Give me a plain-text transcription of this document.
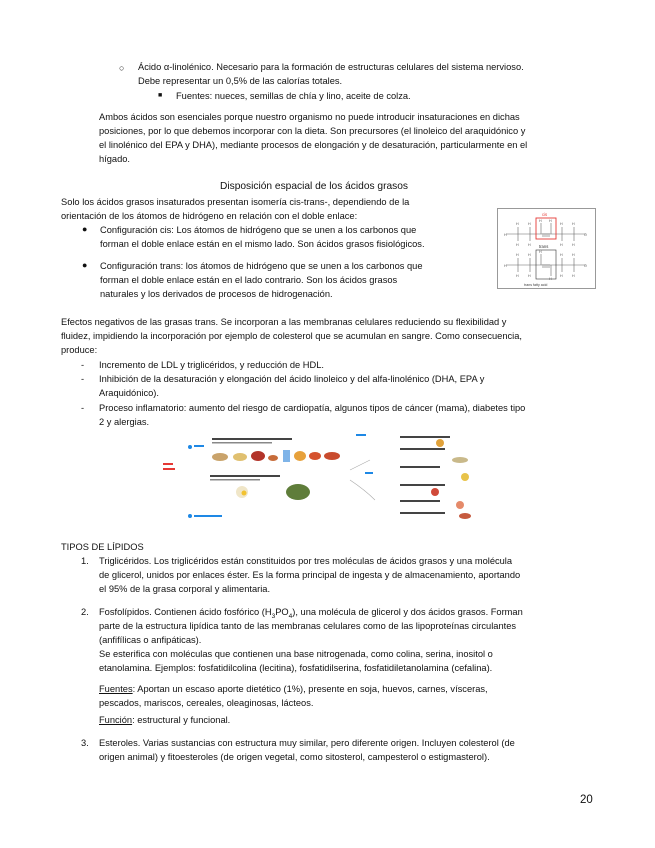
○ Ácido α-linolénico. Necesario para la formación de estructuras celulares del sistema nervioso.
Debe representar un 0,5% de las calorías totales.
■ Fuentes: nueces, semillas de chía y lino, aceite de colza.
Ambos ácidos son esenciales porque nuestro organismo no puede introducir insaturaciones en dichas
posiciones, por lo que debemos incorporar con la dieta. Son precursores (el linoleico del araquidónico y
el linolénico del EPA y DHA), mediante procesos de elongación y de desaturación, particularmente en el
hígado.
Disposición espacial de los ácidos grasos
Solo los ácidos grasos insaturados presentan isomería cis-trans-, dependiendo de la
orientación de los átomos de hidrógeno en relación con el doble enlace:
● Configuración cis: Los átomos de hidrógeno que se unen a los carbonos que
forman el doble enlace están en el mismo lado. Son ácidos grasos fisiológicos.
● Configuración trans: los átomos de hidrógeno que se unen a los carbonos que
forman el doble enlace están en el lado contrario. Son los ácidos grasos
naturales y los derivados de procesos de hidrogenación.
cis
H
H
H
H
H
H H
H
H
H
H
O
trans
H
H
H
H
H
H
H
H
H
H
H
O
trans fatty acid
Efectos negativos de las grasas trans. Se incorporan a las membranas celulares reduciendo su flexibilidad y
fluidez, impidiendo la incorporación por ejemplo de colesterol que se acumulan en sangre. Como consecuencia,
produce:
- Incremento de LDL y triglicéridos, y reducción de HDL.
- Inhibición de la desaturación y elongación del ácido linoleico y del alfa-linolénico (DHA, EPA y
Araquidónico).
- Proceso inflamatorio: aumento del riesgo de cardiopatía, algunos tipos de cáncer (mama), diabetes tipo
2 y alergias.
TIPOS DE LÍPIDOS
1. Triglicéridos. Los triglicéridos están constituidos por tres moléculas de ácidos grasos y una molécula
de glicerol, unidos por enlaces éster. Es la forma principal de ingesta y de almacenamiento, aportando
el 95% de la grasa corporal y alimentaria.
2. Fosfolípidos. Contienen ácido fosfórico $(H_3PO_4)$, una molécula de glicerol y dos ácidos grasos. Forman
parte de la estructura lipídica tanto de las membranas celulares como de las lipoproteínas circulantes
(anfifílicas o anfipáticas).
Se esterifica con moléculas que contienen una base nitrogenada, como colina, serina, inositol o
etanolamina. Ejemplos: fosfatidilcolina (lecitina), fosfatidilserina, fosfatidiletanolamina (cefalina).
Fuentes: Aportan un escaso aporte dietético (1%), presente en soja, huevos, carnes, vísceras,
pescados, mariscos, cereales, oleaginosas, lácteos.
Función: estructural y funcional.
3. Esteroles. Varias sustancias con estructura muy similar, pero diferente origen. Incluyen colesterol (de
origen animal) y fitoesteroles (de origen vegetal, como sitosterol, campesterol o estigmasterol).
20
